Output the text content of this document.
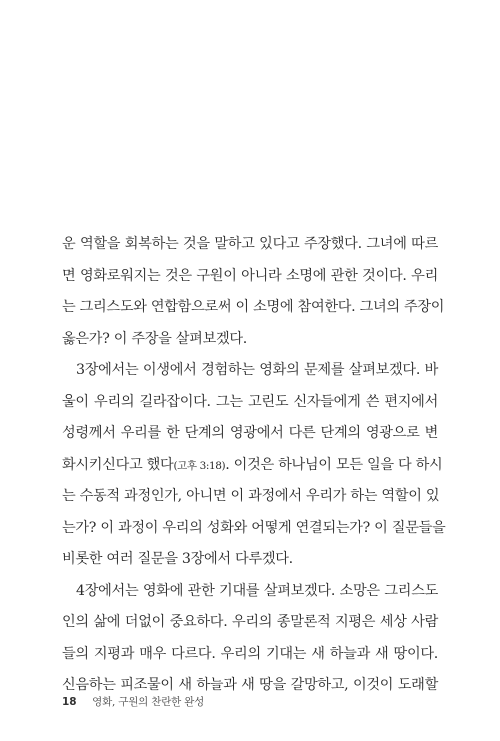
운 역할을 회복하는 것을 말하고 있다고 주장했다. 그녀에 따르
면 영화로워지는 것은 구원이 아니라 소명에 관한 것이다. 우리
는 그리스도와 연합함으로써 이 소명에 참여한다. 그녀의 주장이
옳은가? 이 주장을 살펴보겠다.
3장에서는 이생에서 경험하는 영화의 문제를 살펴보겠다. 바
울이 우리의 길라잡이다. 그는 고린도 신자들에게 쓴 편지에서
성령께서 우리를 한 단계의 영광에서 다른 단계의 영광으로 변
화시키신다고 했다(고후 3:18). 이것은 하나님이 모든 일을 다 하시
는 수동적 과정인가, 아니면 이 과정에서 우리가 하는 역할이 있
는가? 이 과정이 우리의 성화와 어떻게 연결되는가? 이 질문들을
비롯한 여러 질문을 3장에서 다루겠다.
4장에서는 영화에 관한 기대를 살펴보겠다. 소망은 그리스도
인의 삶에 더없이 중요하다. 우리의 종말론적 지평은 세상 사람
들의 지평과 매우 다르다. 우리의 기대는 새 하늘과 새 땅이다.
신음하는 피조물이 새 하늘과 새 땅을 갈망하고, 이것이 도래할
18 영화, 구원의 찬란한 완성
